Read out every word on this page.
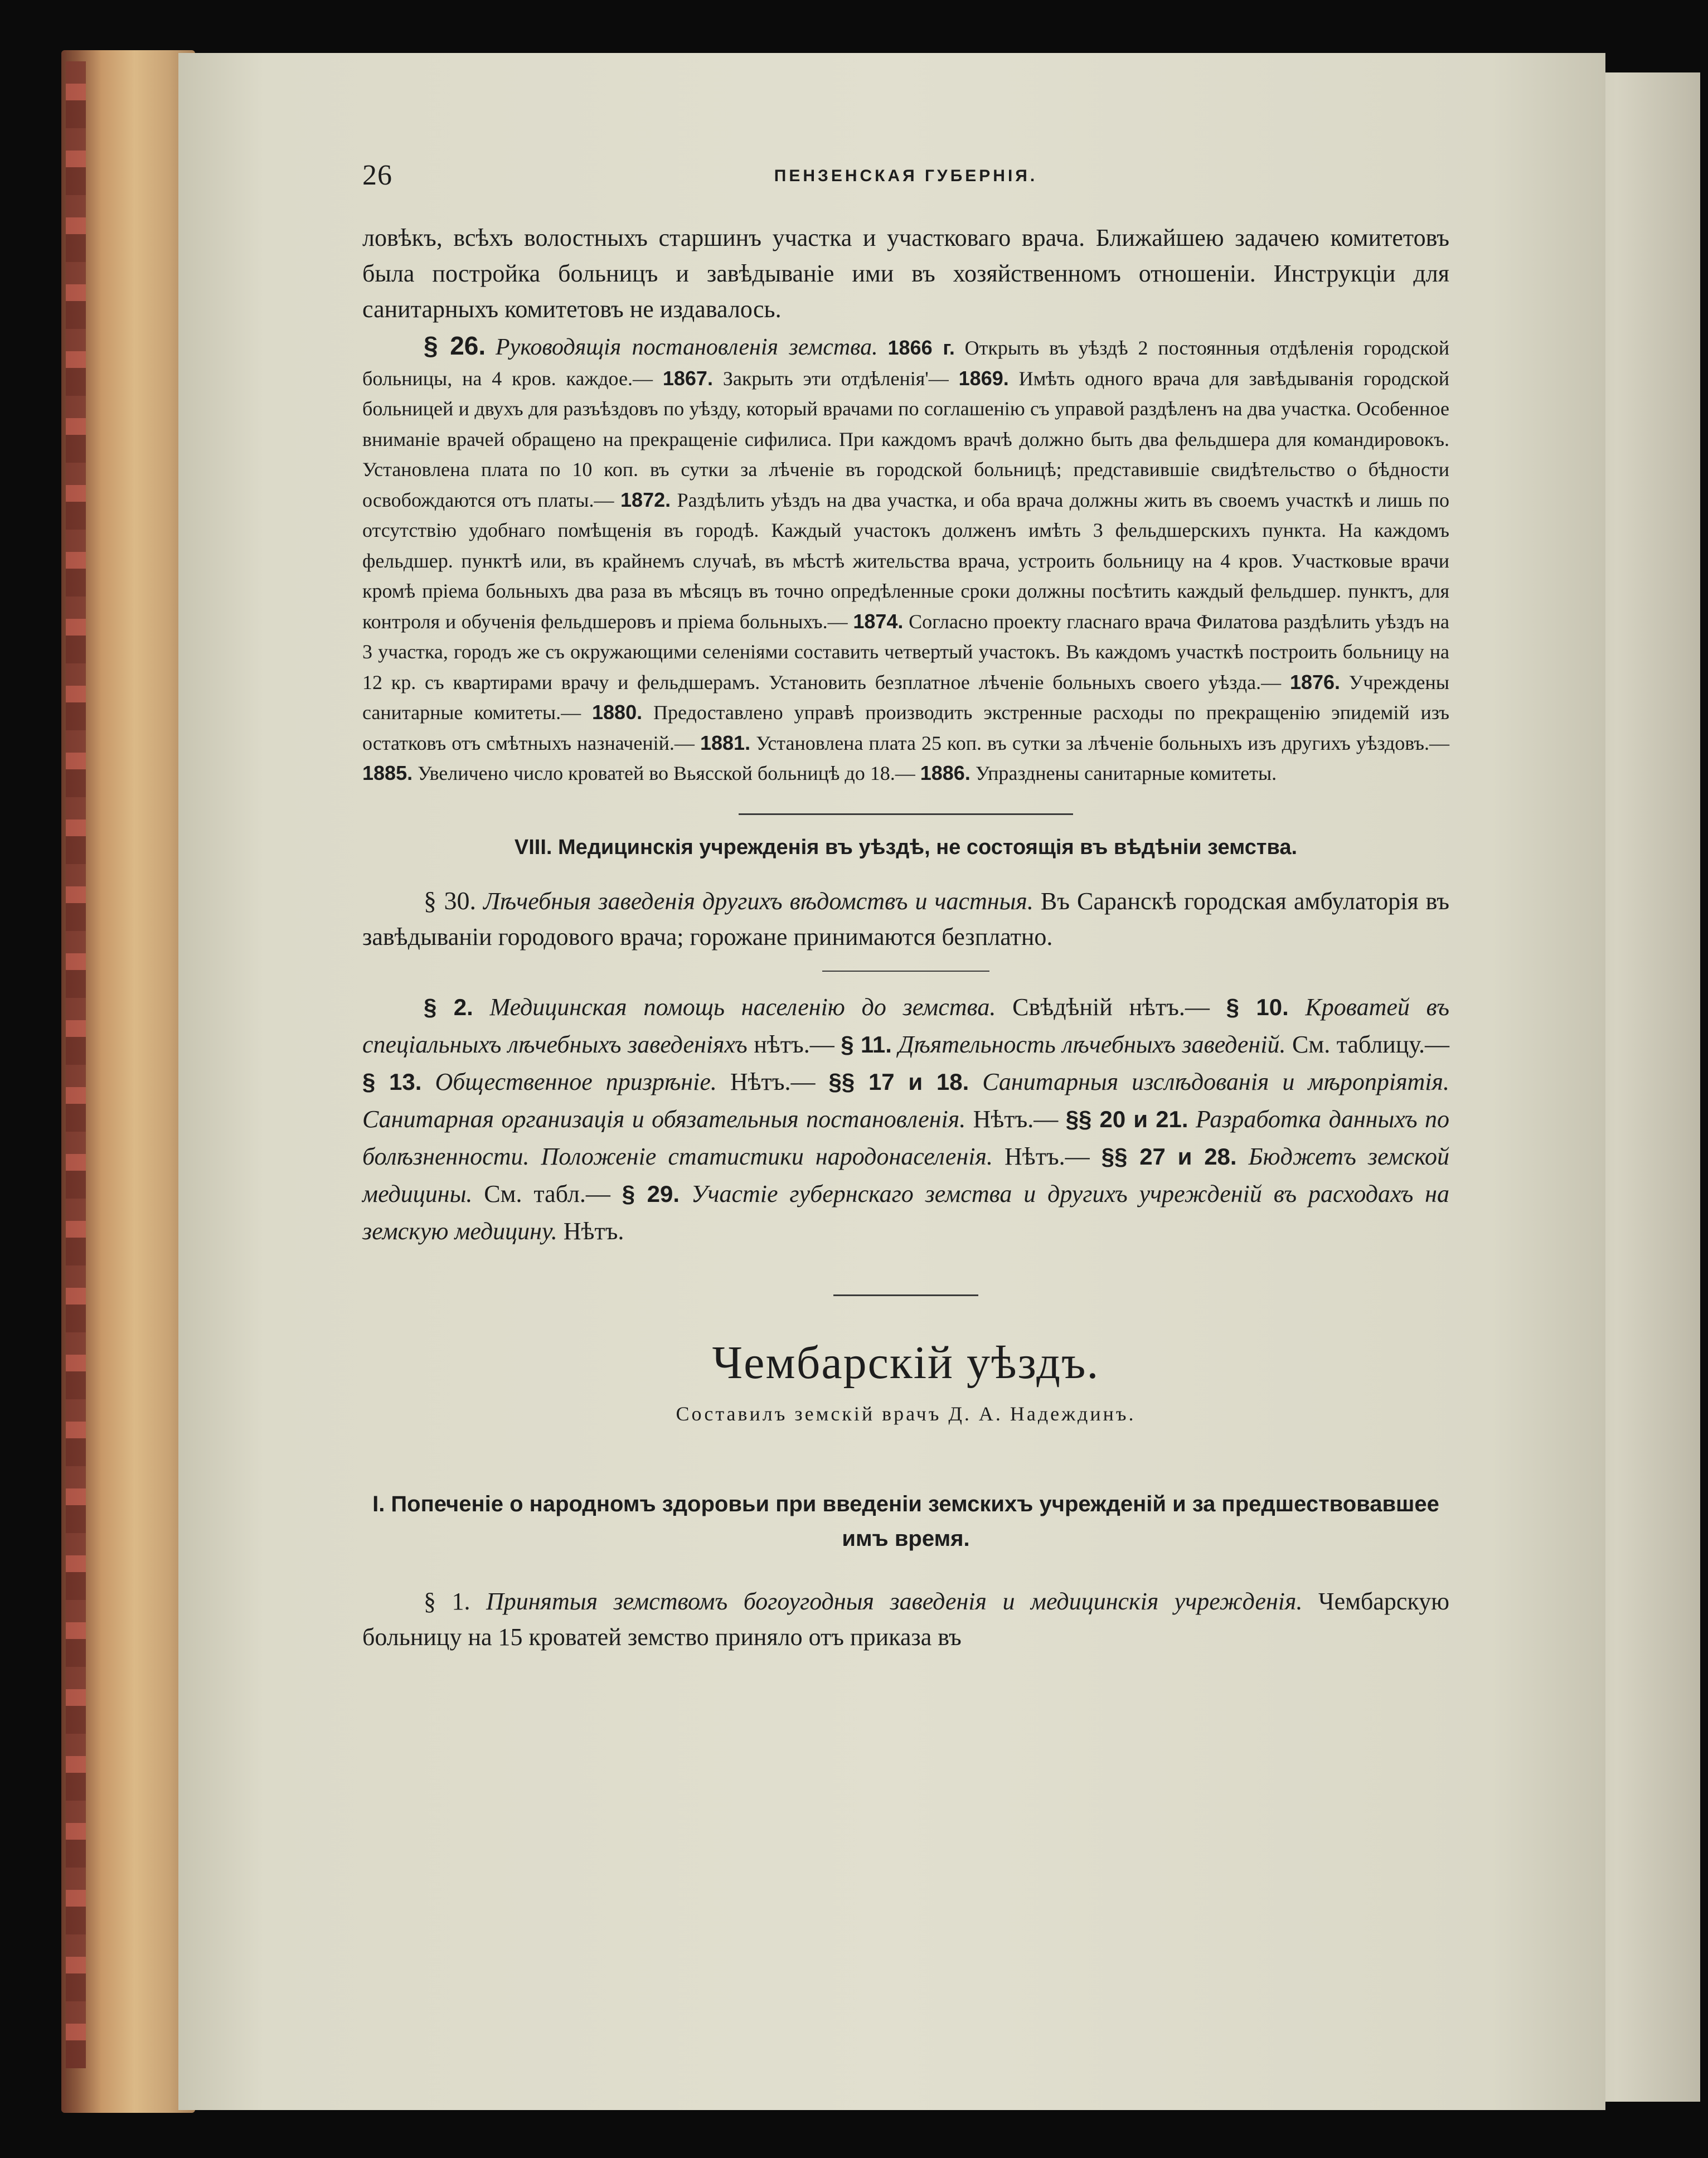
26	ПЕНЗЕНСКАЯ ГУБЕРНІЯ.

ловѣкъ, всѣхъ волостныхъ старшинъ участка и участковаго врача. Ближайшею задачею комитетовъ была постройка больницъ и завѣдываніе ими въ хозяйственномъ отношеніи. Инструкціи для санитарныхъ комитетовъ не издавалось.

§ 26. Руководящія постановленія земства. 1866 г. Открыть въ уѣздѣ 2 постоянныя отдѣленія городской больницы, на 4 кров. каждое.— 1867. Закрыть эти отдѣленія'— 1869. Имѣть одного врача для завѣдыванія городской больницей и двухъ для разъѣздовъ по уѣзду, который врачами по соглашенію съ управой раздѣленъ на два участка. Особенное вниманіе врачей обращено на прекращеніе сифилиса. При каждомъ врачѣ должно быть два фельдшера для командировокъ. Установлена плата по 10 коп. въ сутки за лѣченіе въ городской больницѣ; представившіе свидѣтельство о бѣдности освобождаются отъ платы.— 1872. Раздѣлить уѣздъ на два участка, и оба врача должны жить въ своемъ участкѣ и лишь по отсутствію удобнаго помѣщенія въ городѣ. Каждый участокъ долженъ имѣть 3 фельдшерскихъ пункта. На каждомъ фельдшер. пунктѣ или, въ крайнемъ случаѣ, въ мѣстѣ жительства врача, устроить больницу на 4 кров. Участковые врачи кромѣ пріема больныхъ два раза въ мѣсяцъ въ точно опредѣленные сроки должны посѣтить каждый фельдшер. пунктъ, для контроля и обученія фельдшеровъ и пріема больныхъ.— 1874. Согласно проекту гласнаго врача Филатова раздѣлить уѣздъ на 3 участка, городъ же съ окружающими селеніями составить четвертый участокъ. Въ каждомъ участкѣ построить больницу на 12 кр. съ квартирами врачу и фельдшерамъ. Установить безплатное лѣченіе больныхъ своего уѣзда.— 1876. Учреждены санитарные комитеты.— 1880. Предоставлено управѣ производить экстренные расходы по прекращенію эпидемій изъ остатковъ отъ смѣтныхъ назначеній.— 1881. Установлена плата 25 коп. въ сутки за лѣченіе больныхъ изъ другихъ уѣздовъ.— 1885. Увеличено число кроватей во Вьясской больницѣ до 18.— 1886. Упразднены санитарные комитеты.

VIII. Медицинскія учрежденія въ уѣздѣ, не состоящія въ вѣдѣніи земства.

§ 30. Лѣчебныя заведенія другихъ вѣдомствъ и частныя. Въ Саранскѣ городская амбулаторія въ завѣдываніи городового врача; горожане принимаются безплатно.

§ 2. Медицинская помощь населенію до земства. Свѣдѣній нѣтъ.— § 10. Кроватей въ спеціальныхъ лѣчебныхъ заведеніяхъ нѣтъ.— § 11. Дѣятельность лѣчебныхъ заведеній. См. таблицу.— § 13. Общественное призрѣніе. Нѣтъ.— §§ 17 и 18. Санитарныя изслѣдованія и мѣропріятія. Санитарная организація и обязательныя постановленія. Нѣтъ.— §§ 20 и 21. Разработка данныхъ по болѣзненности. Положеніе статистики народонаселенія. Нѣтъ.— §§ 27 и 28. Бюджетъ земской медицины. См. табл.— § 29. Участіе губернскаго земства и другихъ учрежденій въ расходахъ на земскую медицину. Нѣтъ.

Чембарскій уѣздъ.
Составилъ земскій врачъ Д. А. Надеждинъ.
I. Попеченіе о народномъ здоровьи при введеніи земскихъ учрежденій и за предшествовавшее имъ время.

§ 1. Принятыя земствомъ богоугодныя заведенія и медицинскія учрежденія. Чембарскую больницу на 15 кроватей земство приняло отъ приказа въ
